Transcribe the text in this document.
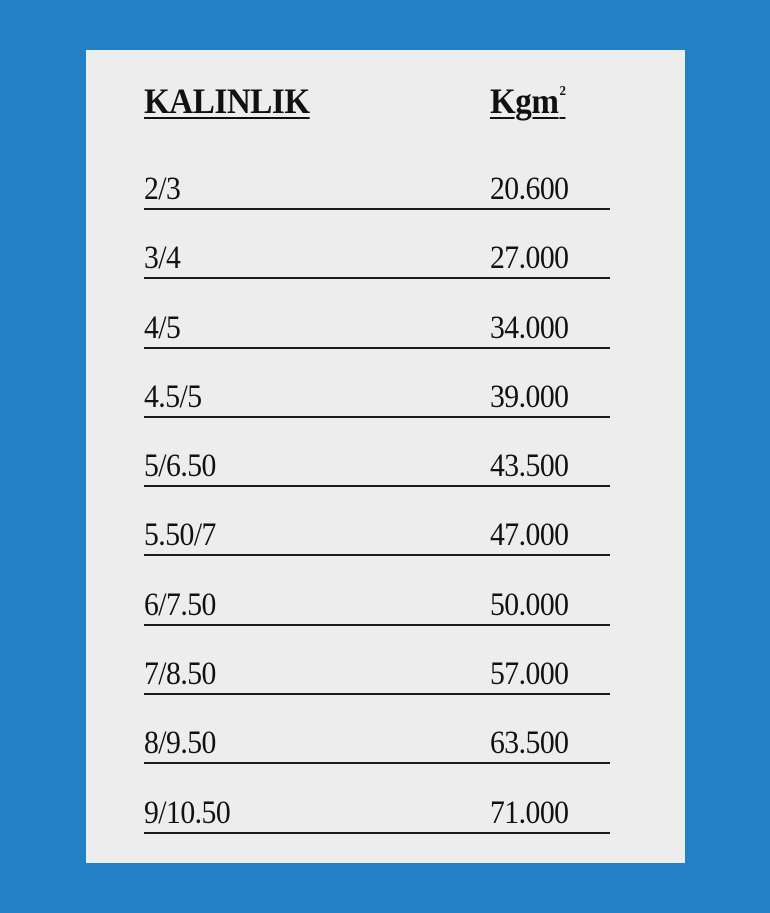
KALINLIK	Kgm$^2$
2/3	20.600
3/4	27.000
4/5	34.000
4.5/5	39.000
5/6.50	43.500
5.50/7	47.000
6/7.50	50.000
7/8.50	57.000
8/9.50	63.500
9/10.50	71.000
